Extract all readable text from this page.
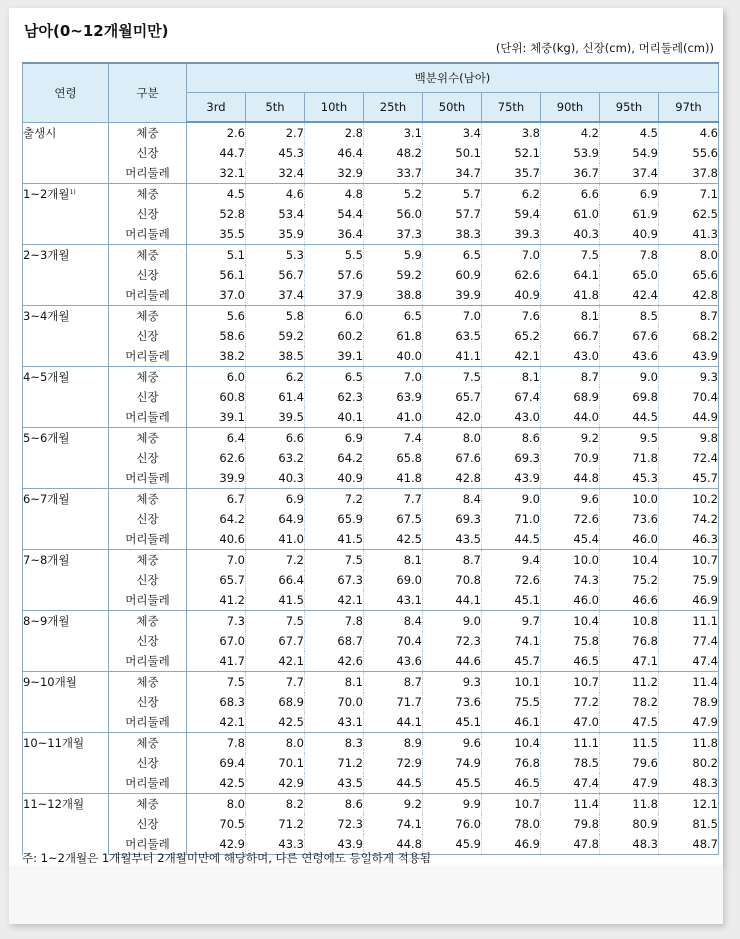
남아(0~12개월미만)
(단위: 체중(kg), 신장(cm), 머리둘레(cm))
연령	구분	백분위수(남아)								
		3rd	5th	10th	25th	50th	75th	90th	95th	97th
출생시	체중	2.6	2.7	2.8	3.1	3.4	3.8	4.2	4.5	4.6
	신장	44.7	45.3	46.4	48.2	50.1	52.1	53.9	54.9	55.6
	머리둘레	32.1	32.4	32.9	33.7	34.7	35.7	36.7	37.4	37.8
1~2개월$^{1)}$	체중	4.5	4.6	4.8	5.2	5.7	6.2	6.6	6.9	7.1
	신장	52.8	53.4	54.4	56.0	57.7	59.4	61.0	61.9	62.5
	머리둘레	35.5	35.9	36.4	37.3	38.3	39.3	40.3	40.9	41.3
2~3개월	체중	5.1	5.3	5.5	5.9	6.5	7.0	7.5	7.8	8.0
	신장	56.1	56.7	57.6	59.2	60.9	62.6	64.1	65.0	65.6
	머리둘레	37.0	37.4	37.9	38.8	39.9	40.9	41.8	42.4	42.8
3~4개월	체중	5.6	5.8	6.0	6.5	7.0	7.6	8.1	8.5	8.7
	신장	58.6	59.2	60.2	61.8	63.5	65.2	66.7	67.6	68.2
	머리둘레	38.2	38.5	39.1	40.0	41.1	42.1	43.0	43.6	43.9
4~5개월	체중	6.0	6.2	6.5	7.0	7.5	8.1	8.7	9.0	9.3
	신장	60.8	61.4	62.3	63.9	65.7	67.4	68.9	69.8	70.4
	머리둘레	39.1	39.5	40.1	41.0	42.0	43.0	44.0	44.5	44.9
5~6개월	체중	6.4	6.6	6.9	7.4	8.0	8.6	9.2	9.5	9.8
	신장	62.6	63.2	64.2	65.8	67.6	69.3	70.9	71.8	72.4
	머리둘레	39.9	40.3	40.9	41.8	42.8	43.9	44.8	45.3	45.7
6~7개월	체중	6.7	6.9	7.2	7.7	8.4	9.0	9.6	10.0	10.2
	신장	64.2	64.9	65.9	67.5	69.3	71.0	72.6	73.6	74.2
	머리둘레	40.6	41.0	41.5	42.5	43.5	44.5	45.4	46.0	46.3
7~8개월	체중	7.0	7.2	7.5	8.1	8.7	9.4	10.0	10.4	10.7
	신장	65.7	66.4	67.3	69.0	70.8	72.6	74.3	75.2	75.9
	머리둘레	41.2	41.5	42.1	43.1	44.1	45.1	46.0	46.6	46.9
8~9개월	체중	7.3	7.5	7.8	8.4	9.0	9.7	10.4	10.8	11.1
	신장	67.0	67.7	68.7	70.4	72.3	74.1	75.8	76.8	77.4
	머리둘레	41.7	42.1	42.6	43.6	44.6	45.7	46.5	47.1	47.4
9~10개월	체중	7.5	7.7	8.1	8.7	9.3	10.1	10.7	11.2	11.4
	신장	68.3	68.9	70.0	71.7	73.6	75.5	77.2	78.2	78.9
	머리둘레	42.1	42.5	43.1	44.1	45.1	46.1	47.0	47.5	47.9
10~11개월	체중	7.8	8.0	8.3	8.9	9.6	10.4	11.1	11.5	11.8
	신장	69.4	70.1	71.2	72.9	74.9	76.8	78.5	79.6	80.2
	머리둘레	42.5	42.9	43.5	44.5	45.5	46.5	47.4	47.9	48.3
11~12개월	체중	8.0	8.2	8.6	9.2	9.9	10.7	11.4	11.8	12.1
	신장	70.5	71.2	72.3	74.1	76.0	78.0	79.8	80.9	81.5
	머리둘레	42.9	43.3	43.9	44.8	45.9	46.9	47.8	48.3	48.7
주: 1~2개월은 1개월부터 2개월미만에 해당하며, 다른 연령에도 등일하게 적용됨
